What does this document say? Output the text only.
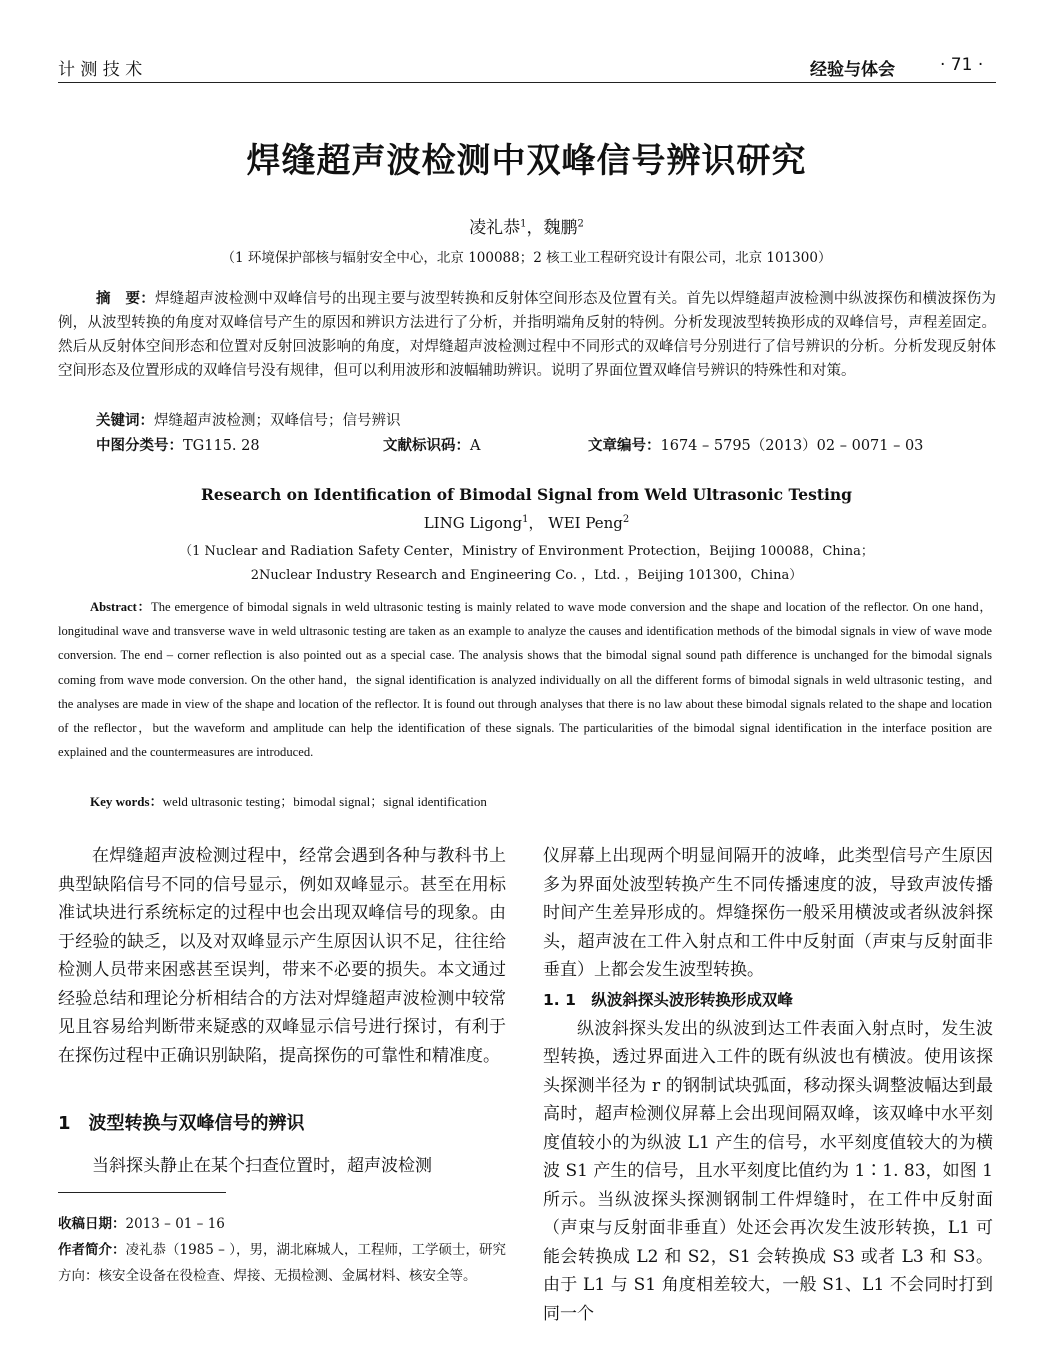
计 测 技 术	经验与体会	· 71 ·
焊缝超声波检测中双峰信号辨识研究
凌礼恭$^1$，魏鹏$^2$
（1 环境保护部核与辐射安全中心，北京 100088；2 核工业工程研究设计有限公司，北京 101300）
摘　要：焊缝超声波检测中双峰信号的出现主要与波型转换和反射体空间形态及位置有关。首先以焊缝超声波检测中纵波探伤和横波探伤为例，从波型转换的角度对双峰信号产生的原因和辨识方法进行了分析，并指明端角反射的特例。分析发现波型转换形成的双峰信号，声程差固定。然后从反射体空间形态和位置对反射回波影响的角度，对焊缝超声波检测过程中不同形式的双峰信号分别进行了信号辨识的分析。分析发现反射体空间形态及位置形成的双峰信号没有规律，但可以利用波形和波幅辅助辨识。说明了界面位置双峰信号辨识的特殊性和对策。
关键词：焊缝超声波检测；双峰信号；信号辨识
中图分类号：TG115. 28	文献标识码：A	文章编号：1674 – 5795（2013）02 – 0071 – 03
Research on Identification of Bimodal Signal from Weld Ultrasonic Testing
LING Ligong$^1$， WEI Peng$^2$
（1 Nuclear and Radiation Safety Center，Ministry of Environment Protection，Beijing 100088，China；
2Nuclear Industry Research and Engineering Co. ，Ltd. ，Beijing 101300，China）
Abstract：The emergence of bimodal signals in weld ultrasonic testing is mainly related to wave mode conversion and the shape and location of the reflector. On one hand，longitudinal wave and transverse wave in weld ultrasonic testing are taken as an example to analyze the causes and identification methods of the bimodal signals in view of wave mode conversion. The end – corner reflection is also pointed out as a special case. The analysis shows that the bimodal signal sound path difference is unchanged for the bimodal signals coming from wave mode conversion. On the other hand，the signal identification is analyzed individually on all the different forms of bimodal signals in weld ultrasonic testing，and the analyses are made in view of the shape and location of the reflector. It is found out through analyses that there is no law about these bimodal signals related to the shape and location of the reflector，but the waveform and amplitude can help the identification of these signals. The particularities of the bimodal signal identification in the interface position are explained and the countermeasures are introduced.
Key words：weld ultrasonic testing；bimodal signal；signal identification

在焊缝超声波检测过程中，经常会遇到各种与教科书上典型缺陷信号不同的信号显示，例如双峰显示。甚至在用标准试块进行系统标定的过程中也会出现双峰信号的现象。由于经验的缺乏，以及对双峰显示产生原因认识不足，往往给检测人员带来困惑甚至误判，带来不必要的损失。本文通过经验总结和理论分析相结合的方法对焊缝超声波检测中较常见且容易给判断带来疑惑的双峰显示信号进行探讨，有利于在探伤过程中正确识别缺陷，提高探伤的可靠性和精准度。

1　波型转换与双峰信号的辨识

当斜探头静止在某个扫查位置时，超声波检测

收稿日期：2013 – 01 – 16
作者简介：凌礼恭（1985 – ），男，湖北麻城人，工程师，工学硕士，研究方向：核安全设备在役检查、焊接、无损检测、金属材料、核安全等。

仪屏幕上出现两个明显间隔开的波峰，此类型信号产生原因多为界面处波型转换产生不同传播速度的波，导致声波传播时间产生差异形成的。焊缝探伤一般采用横波或者纵波斜探头，超声波在工件入射点和工件中反射面（声束与反射面非垂直）上都会发生波型转换。

1. 1　纵波斜探头波形转换形成双峰

纵波斜探头发出的纵波到达工件表面入射点时，发生波型转换，透过界面进入工件的既有纵波也有横波。使用该探头探测半径为 r 的钢制试块弧面，移动探头调整波幅达到最高时，超声检测仪屏幕上会出现间隔双峰，该双峰中水平刻度值较小的为纵波 L1 产生的信号，水平刻度值较大的为横波 S1 产生的信号，且水平刻度比值约为 1∶1. 83，如图 1 所示。当纵波探头探测钢制工件焊缝时，在工件中反射面（声束与反射面非垂直）处还会再次发生波形转换，L1 可能会转换成 L2 和 S2，S1 会转换成 S3 或者 L3 和 S3。由于 L1 与 S1 角度相差较大，一般 S1、L1 不会同时打到同一个
